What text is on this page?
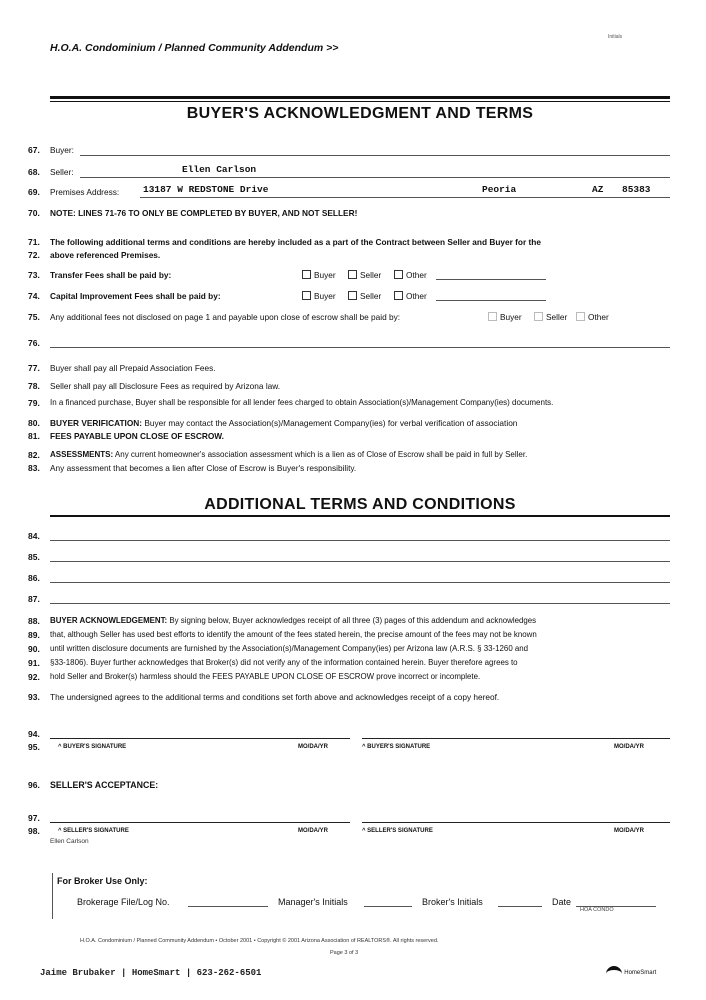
H.O.A. Condominium / Planned Community Addendum >>
Initials
BUYER'S ACKNOWLEDGMENT AND TERMS
67. Buyer:
68. Seller:	Ellen Carlson
69. Premises Address:	13187 W REDSTONE Drive	Peoria	AZ 85383
70. NOTE: LINES 71-76 TO ONLY BE COMPLETED BY BUYER, AND NOT SELLER!
71. The following additional terms and conditions are hereby included as a part of the Contract between Seller and Buyer for the
72. above referenced Premises.
73. Transfer Fees shall be paid by:	Buyer	Seller	Other
74. Capital Improvement Fees shall be paid by:	Buyer	Seller	Other
75. Any additional fees not disclosed on page 1 and payable upon close of escrow shall be paid by:	Buyer	Seller	Other
76.
77. Buyer shall pay all Prepaid Association Fees.
78. Seller shall pay all Disclosure Fees as required by Arizona law.
79. In a financed purchase, Buyer shall be responsible for all lender fees charged to obtain Association(s)/Management Company(ies) documents.
80. BUYER VERIFICATION: Buyer may contact the Association(s)/Management Company(ies) for verbal verification of association
81. FEES PAYABLE UPON CLOSE OF ESCROW.
82. ASSESSMENTS: Any current homeowner's association assessment which is a lien as of Close of Escrow shall be paid in full by Seller.
83. Any assessment that becomes a lien after Close of Escrow is Buyer's responsibility.
ADDITIONAL TERMS AND CONDITIONS
84.
85.
86.
87.
88. BUYER ACKNOWLEDGEMENT: By signing below, Buyer acknowledges receipt of all three (3) pages of this addendum and acknowledges
89. that, although Seller has used best efforts to identify the amount of the fees stated herein, the precise amount of the fees may not be known
90. until written disclosure documents are furnished by the Association(s)/Management Company(ies) per Arizona law (A.R.S. § 33-1260 and
91. §33-1806). Buyer further acknowledges that Broker(s) did not verify any of the information contained herein. Buyer therefore agrees to
92. hold Seller and Broker(s) harmless should the FEES PAYABLE UPON CLOSE OF ESCROW prove incorrect or incomplete.
93. The undersigned agrees to the additional terms and conditions set forth above and acknowledges receipt of a copy hereof.
94.
95.	^ BUYER'S SIGNATURE	MO/DA/YR	^ BUYER'S SIGNATURE	MO/DA/YR
96. SELLER'S ACCEPTANCE:
97.
98.	^ SELLER'S SIGNATURE	MO/DA/YR	^ SELLER'S SIGNATURE	MO/DA/YR
Ellen Carlson
For Broker Use Only:
Brokerage File/Log No.	Manager's Initials	Broker's Initials	Date
HOA CONDO
H.O.A. Condominium / Planned Community Addendum • October 2001 • Copyright © 2001 Arizona Association of REALTORS®. All rights reserved.
Page 3 of 3
Jaime Brubaker | HomeSmart | 623-262-6501	HomeSmart
